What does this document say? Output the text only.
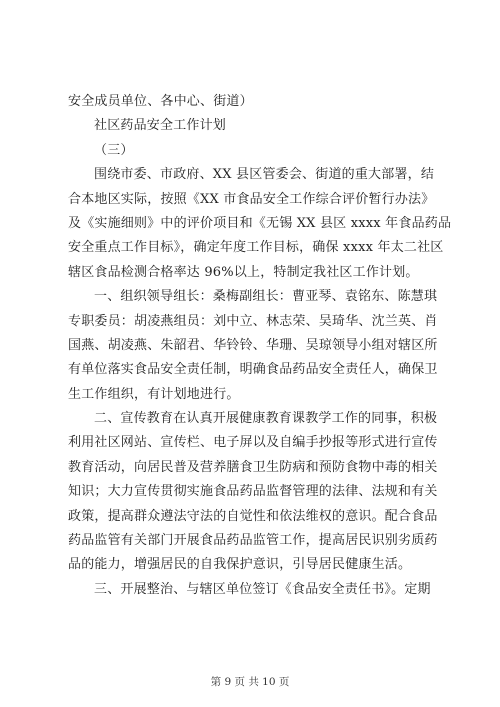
安全成员单位、各中心、街道）
社区药品安全工作计划
（三）
围绕市委、市政府、XX 县区管委会、街道的重大部署，结
合本地区实际，按照《XX 市食品安全工作综合评价暂行办法》
及《实施细则》中的评价项目和《无锡 XX 县区 xxxx 年食品药品
安全重点工作目标》，确定年度工作目标，确保 xxxx 年太二社区
辖区食品检测合格率达 96%以上，特制定我社区工作计划。
一、组织领导组长：桑梅副组长：曹亚琴、袁铭东、陈慧琪
专职委员：胡凌燕组员：刘中立、林志荣、吴琦华、沈兰英、肖
国燕、胡凌燕、朱韶君、华铃铃、华珊、吴琼领导小组对辖区所
有单位落实食品安全责任制，明确食品药品安全责任人，确保卫
生工作组织，有计划地进行。
二、宣传教育在认真开展健康教育课教学工作的同事，积极
利用社区网站、宣传栏、电子屏以及自编手抄报等形式进行宣传
教育活动，向居民普及营养膳食卫生防病和预防食物中毒的相关
知识；大力宣传贯彻实施食品药品监督管理的法律、法规和有关
政策，提高群众遵法守法的自觉性和依法维权的意识。配合食品
药品监管有关部门开展食品药品监管工作，提高居民识别劣质药
品的能力，增强居民的自我保护意识，引导居民健康生活。
三、开展整治、与辖区单位签订《食品安全责任书》。定期
第 9 页 共 10 页
